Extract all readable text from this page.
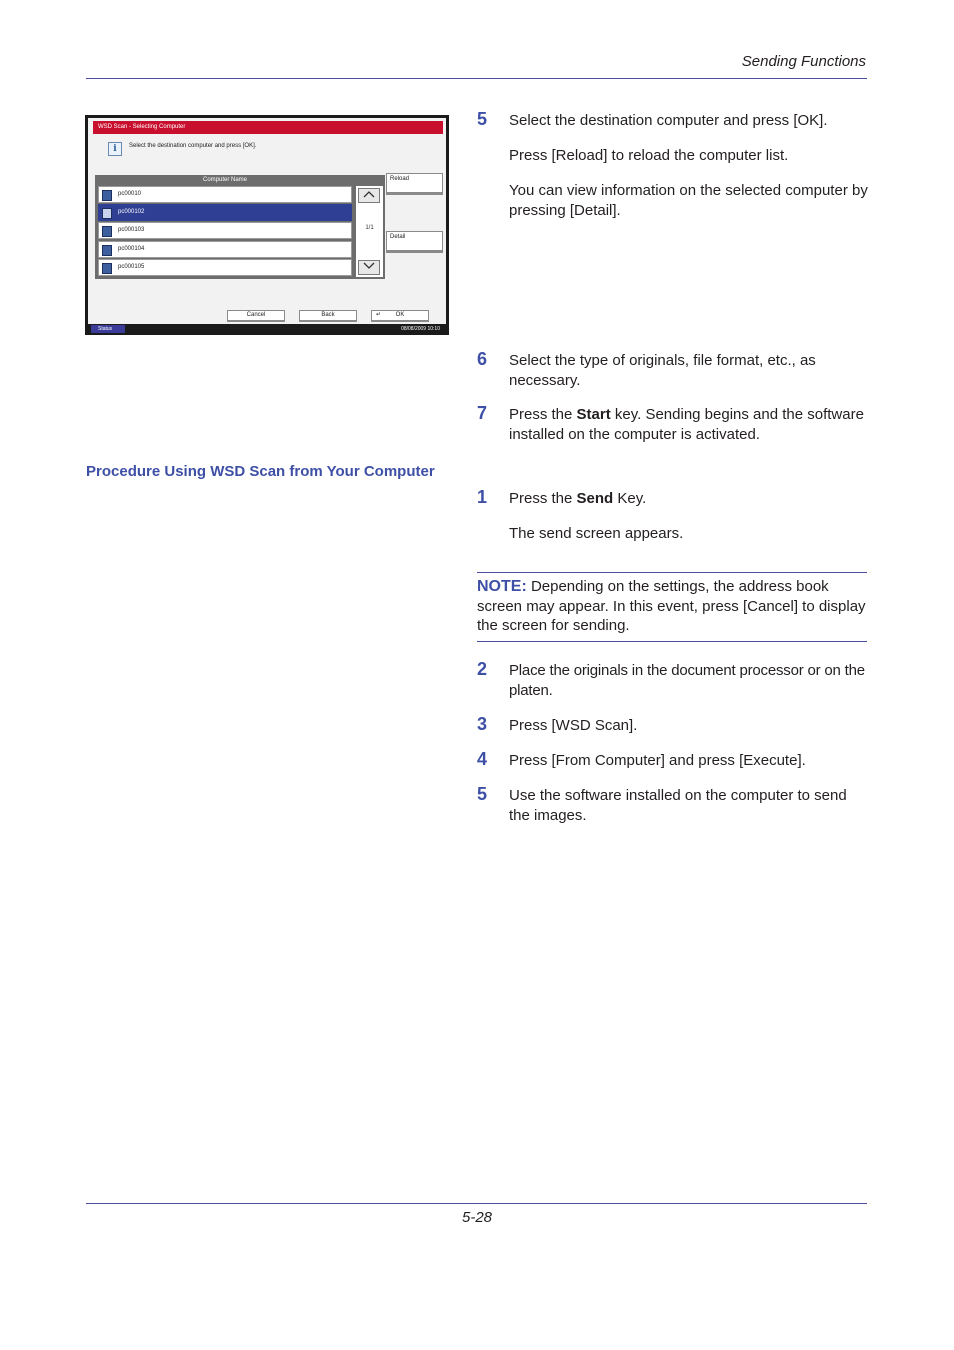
Sending Functions
WSD Scan - Selecting Computer
i	Select the destination computer and press [OK].
Computer Name
pc00010
pc000102
pc000103
pc000104
pc000105
1/1
Reload
Detail
Cancel	Back	↵ OK
Status	08/08/2009 10:10
5 Select the destination computer and press [OK].
Press [Reload] to reload the computer list.
You can view information on the selected computer by pressing [Detail].
6 Select the type of originals, file format, etc., as necessary.
7 Press the Start key. Sending begins and the software installed on the computer is activated.
Procedure Using WSD Scan from Your Computer
1 Press the Send Key.
The send screen appears.
NOTE: Depending on the settings, the address book screen may appear. In this event, press [Cancel] to display the screen for sending.
2 Place the originals in the document processor or on the platen.
3 Press [WSD Scan].
4 Press [From Computer] and press [Execute].
5 Use the software installed on the computer to send the images.
5-28
